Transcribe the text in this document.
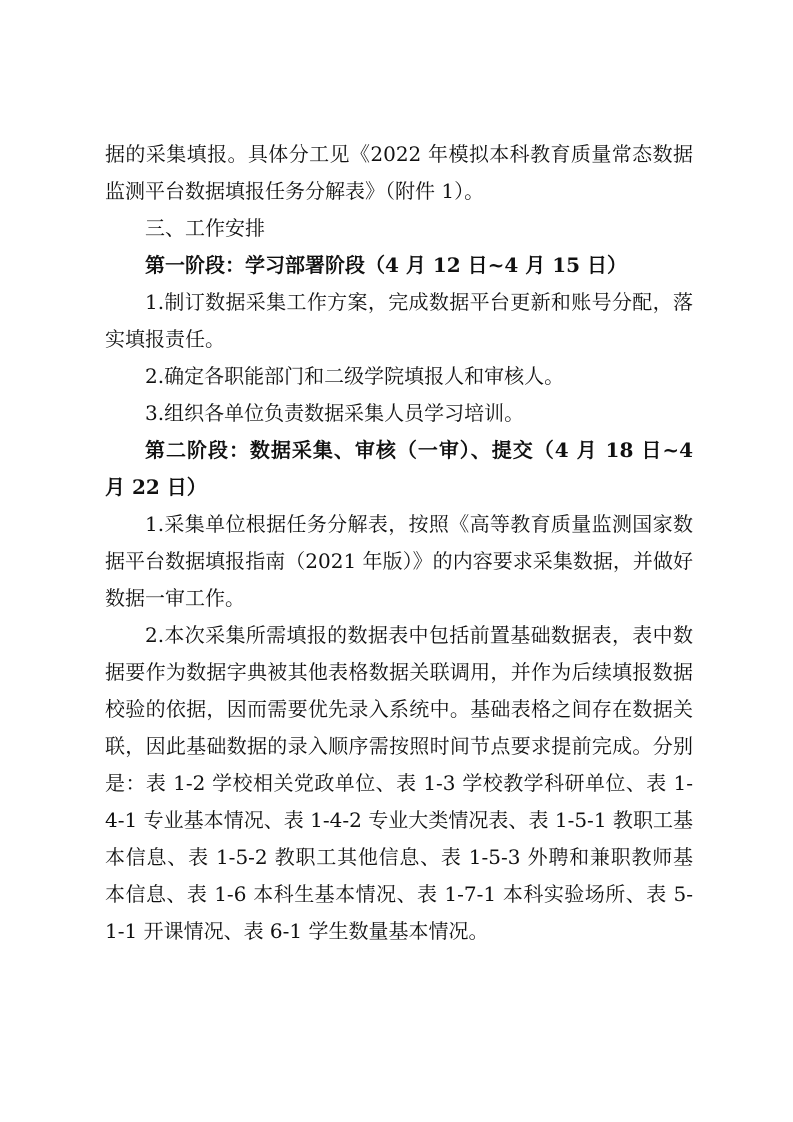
据的采集填报。具体分工见《2022 年模拟本科教育质量常态数据监测平台数据填报任务分解表》（附件 1）。

三、工作安排

第一阶段：学习部署阶段（4 月 12 日~4 月 15 日）

1.制订数据采集工作方案，完成数据平台更新和账号分配，落实填报责任。

2.确定各职能部门和二级学院填报人和审核人。

3.组织各单位负责数据采集人员学习培训。

第二阶段：数据采集、审核（一审）、提交（4 月 18 日~4 月 22 日）

1.采集单位根据任务分解表，按照《高等教育质量监测国家数据平台数据填报指南（2021 年版）》的内容要求采集数据，并做好数据一审工作。

2.本次采集所需填报的数据表中包括前置基础数据表，表中数据要作为数据字典被其他表格数据关联调用，并作为后续填报数据校验的依据，因而需要优先录入系统中。基础表格之间存在数据关联，因此基础数据的录入顺序需按照时间节点要求提前完成。分别是：表 1-2 学校相关党政单位、表 1-3 学校教学科研单位、表 1-4-1 专业基本情况、表 1-4-2 专业大类情况表、表 1-5-1 教职工基本信息、表 1-5-2 教职工其他信息、表 1-5-3 外聘和兼职教师基本信息、表 1-6 本科生基本情况、表 1-7-1 本科实验场所、表 5-1-1 开课情况、表 6-1 学生数量基本情况。
